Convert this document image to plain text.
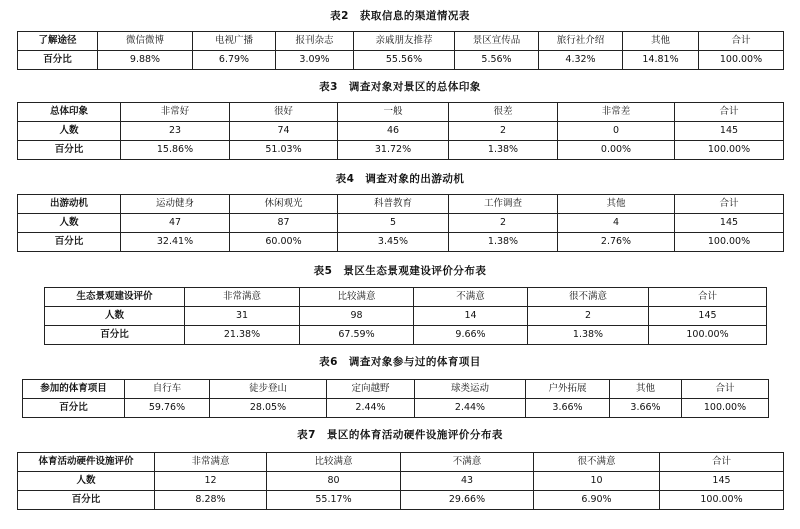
表2　获取信息的渠道情况表
了解途径	微信微博	电视广播	报刊杂志	亲戚朋友推荐	景区宣传品	旅行社介绍	其他	合计
百分比	9.88%	6.79%	3.09%	55.56%	5.56%	4.32%	14.81%	100.00%
表3　调查对象对景区的总体印象
总体印象	非常好	很好	一般	很差	非常差	合计
人数	23	74	46	2	0	145
百分比	15.86%	51.03%	31.72%	1.38%	0.00%	100.00%
表4　调查对象的出游动机
出游动机	运动健身	休闲观光	科普教育	工作调查	其他	合计
人数	47	87	5	2	4	145
百分比	32.41%	60.00%	3.45%	1.38%	2.76%	100.00%
表5　景区生态景观建设评价分布表
生态景观建设评价	非常满意	比较满意	不满意	很不满意	合计
人数	31	98	14	2	145
百分比	21.38%	67.59%	9.66%	1.38%	100.00%
表6　调查对象参与过的体育项目
参加的体育项目	自行车	徒步登山	定向越野	球类运动	户外拓展	其他	合计
百分比	59.76%	28.05%	2.44%	2.44%	3.66%	3.66%	100.00%
表7　景区的体育活动硬件设施评价分布表
体育活动硬件设施评价	非常满意	比较满意	不满意	很不满意	合计
人数	12	80	43	10	145
百分比	8.28%	55.17%	29.66%	6.90%	100.00%
